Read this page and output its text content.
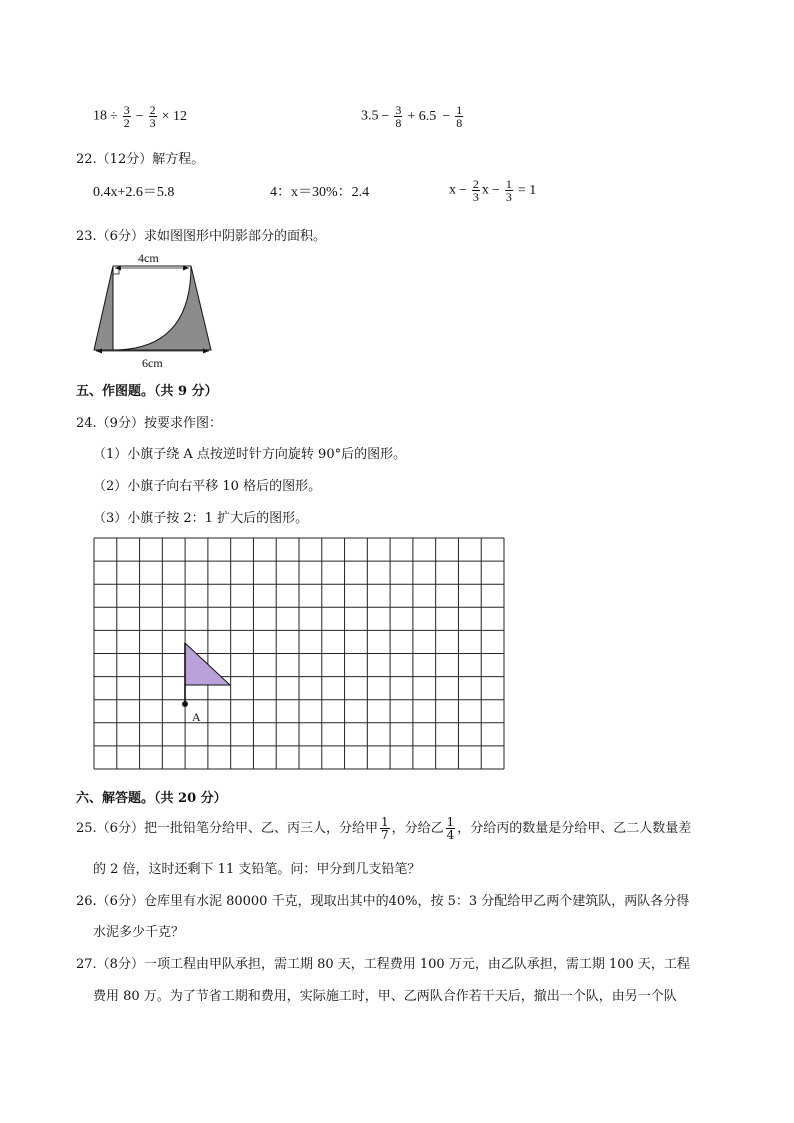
$18 \div \frac{3}{2} - \frac{2}{3} \times 12$	$3.5 - \frac{3}{8} + 6.5 - \frac{1}{8}$
22.（12分）解方程。
0.4x+2.6＝5.8	4：x＝30%：2.4	$x - \frac{2}{3}$ $x - \frac{1}{3} = 1$
23.（6分）求如图图形中阴影部分的面积。
4cm
6cm
五、作图题。（共 9 分）
24.（9分）按要求作图：
（1）小旗子绕 A 点按逆时针方向旋转 90°后的图形。
（2）小旗子向右平移 10 格后的图形。
（3）小旗子按 2：1 扩大后的图形。
A
六、解答题。（共 20 分）
25.（6分）把一批铅笔分给甲、乙、丙三人，分给甲 $\frac{1}{7}$ ，分给乙 $\frac{1}{4}$ ，分给丙的数量是分给甲、乙二人数量差
的 2 倍，这时还剩下 11 支铅笔。问：甲分到几支铅笔？
26.（6分）仓库里有水泥 80000 千克，现取出其中的40%，按 5：3 分配给甲乙两个建筑队，两队各分得
水泥多少千克？
27.（8分）一项工程由甲队承担，需工期 80 天，工程费用 100 万元，由乙队承担，需工期 100 天，工程
费用 80 万。为了节省工期和费用，实际施工时，甲、乙两队合作若干天后，撤出一个队，由另一个队
